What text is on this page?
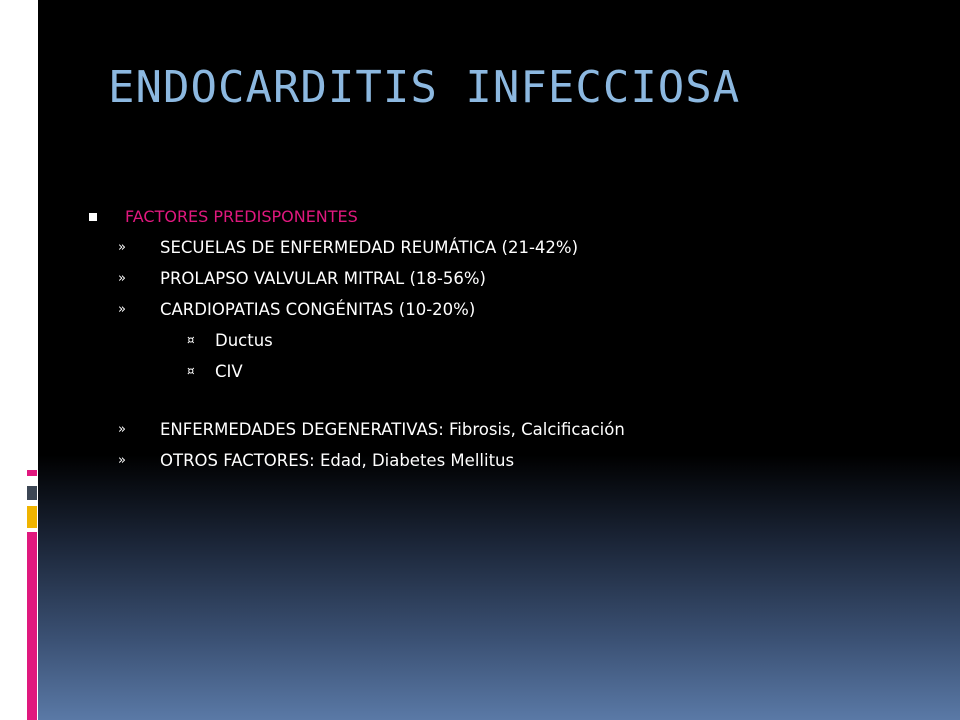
ENDOCARDITIS INFECCIOSA
FACTORES PREDISPONENTES
» SECUELAS DE ENFERMEDAD REUMÁTICA (21-42%)
» PROLAPSO VALVULAR MITRAL (18-56%)
» CARDIOPATIAS CONGÉNITAS (10-20%)
¤ Ductus
¤ CIV
» ENFERMEDADES DEGENERATIVAS: Fibrosis, Calcificación
» OTROS FACTORES: Edad, Diabetes Mellitus
